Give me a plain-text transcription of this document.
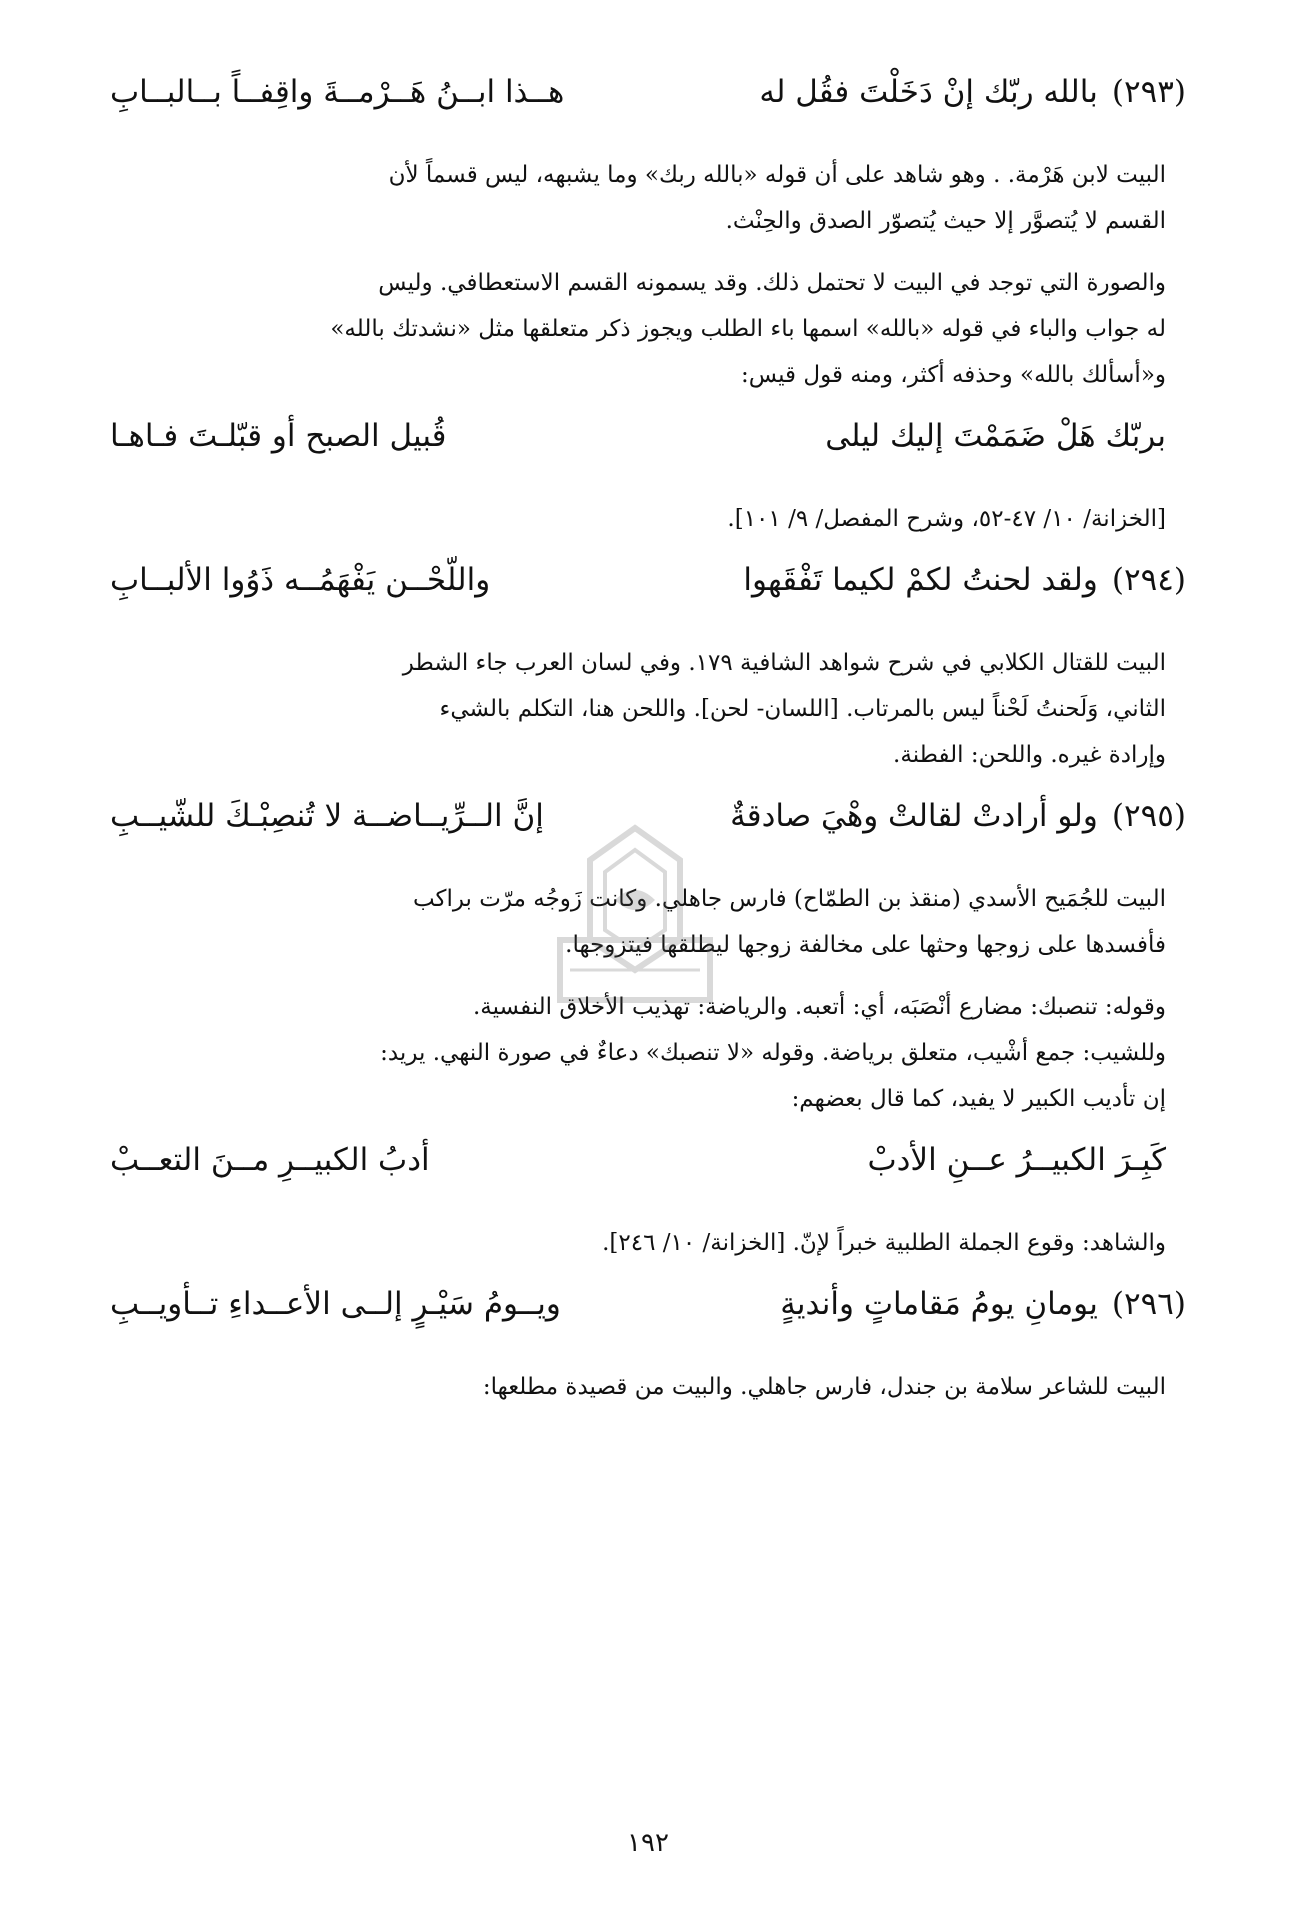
(٢٩٣)بالله ربّك إنْ دَخَلْتَ فقُل له
هــذا ابــنُ هَــرْمــةَ واقِفــاً بــالبــابِ
البيت لابن هَرْمة. . وهو شاهد على أن قوله «بالله ربك» وما يشبهه، ليس قسماً لأن
القسم لا يُتصوَّر إلا حيث يُتصوّر الصدق والحِنْث.
والصورة التي توجد في البيت لا تحتمل ذلك. وقد يسمونه القسم الاستعطافي. وليس
له جواب والباء في قوله «بالله» اسمها باء الطلب ويجوز ذكر متعلقها مثل «نشدتك بالله»
و«أسألك بالله» وحذفه أكثر، ومنه قول قيس:
بربّك هَلْ ضَمَمْتَ إليك ليلى
قُبيل الصبح أو قبّلـتَ فـاهـا
[الخزانة/ ١٠/ ٤٧-٥٢، وشرح المفصل/ ٩/ ١٠١].
(٢٩٤)ولقد لحنتُ لكمْ لكيما تَفْقَهوا
واللّحْــن يَفْهَمُــه ذَوُوا الألبــابِ
البيت للقتال الكلابي في شرح شواهد الشافية ١٧٩. وفي لسان العرب جاء الشطر
الثاني، وَلَحنتُ لَحْناً ليس بالمرتاب. [اللسان- لحن]. واللحن هنا، التكلم بالشيء
وإرادة غيره. واللحن: الفطنة.
(٢٩٥)ولو أرادتْ لقالتْ وهْيَ صادقةٌ
إنَّ الــرِّيــاضــة لا تُنصِبْـكَ للشّيــبِ
البيت للجُمَيح الأسدي (منقذ بن الطمّاح) فارس جاهلي. وكانت زَوجُه مرّت براكب
فأفسدها على زوجها وحثها على مخالفة زوجها ليطلقها فيتزوجها.
وقوله: تنصبك: مضارع أنْصَبَه، أي: أتعبه. والرياضة: تهذيب الأخلاق النفسية.
وللشيب: جمع أشْيب، متعلق برياضة. وقوله «لا تنصبك» دعاءٌ في صورة النهي. يريد:
إن تأديب الكبير لا يفيد، كما قال بعضهم:
كَبِـرَ الكبيــرُ عــنِ الأدبْ
أدبُ الكبيــرِ مــنَ التعــبْ
والشاهد: وقوع الجملة الطلبية خبراً لإنّ. [الخزانة/ ١٠/ ٢٤٦].
(٢٩٦)يومانِ يومُ مَقاماتٍ وأنديةٍ
ويــومُ سَيْـرٍ إلــى الأعــداءِ تــأويــبِ
البيت للشاعر سلامة بن جندل، فارس جاهلي. والبيت من قصيدة مطلعها:
١٩٢
